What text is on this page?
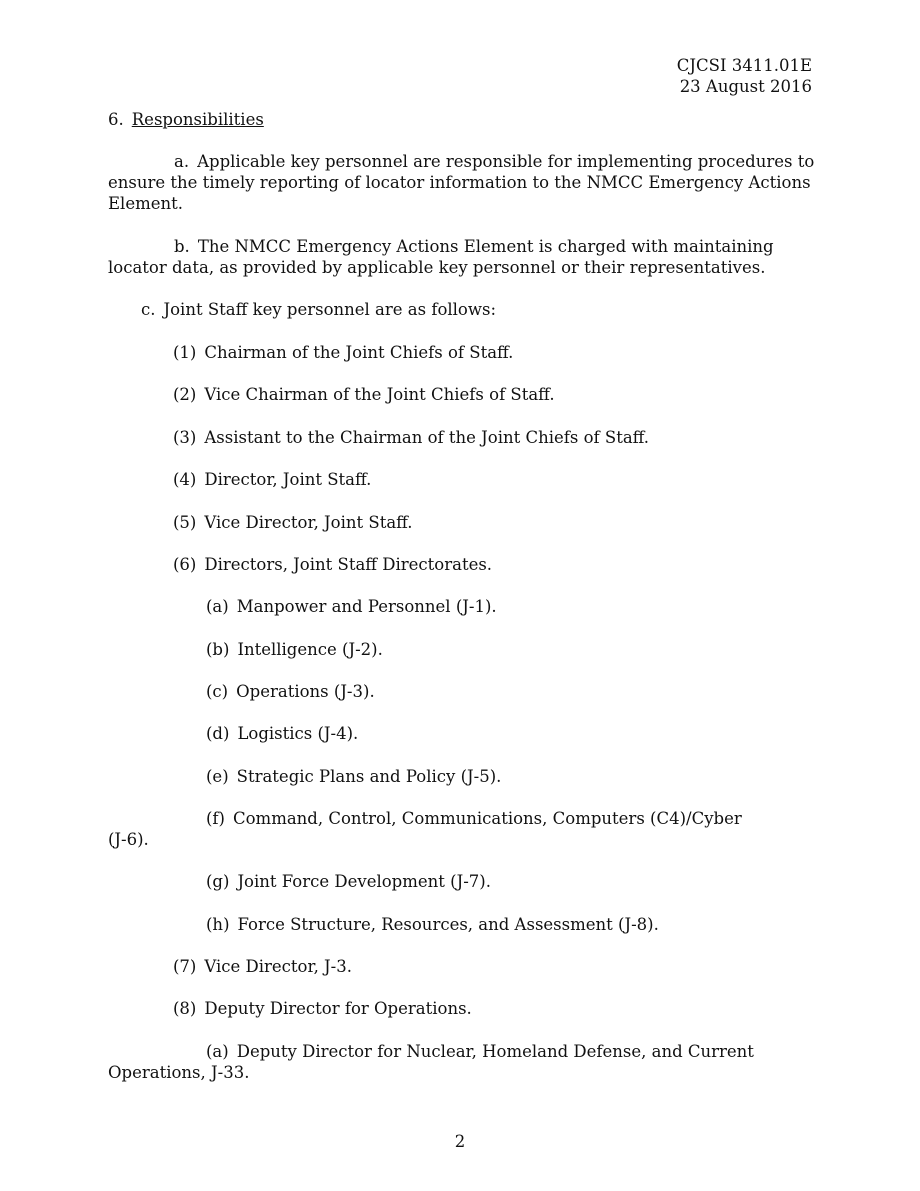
CJCSI 3411.01E
23 August 2016
6. Responsibilities
a. Applicable key personnel are responsible for implementing procedures to ensure the timely reporting of locator information to the NMCC Emergency Actions Element.
b. The NMCC Emergency Actions Element is charged with maintaining locator data, as provided by applicable key personnel or their representatives.
c. Joint Staff key personnel are as follows:
(1) Chairman of the Joint Chiefs of Staff.
(2) Vice Chairman of the Joint Chiefs of Staff.
(3) Assistant to the Chairman of the Joint Chiefs of Staff.
(4) Director, Joint Staff.
(5) Vice Director, Joint Staff.
(6) Directors, Joint Staff Directorates.
(a) Manpower and Personnel (J-1).
(b) Intelligence (J-2).
(c) Operations (J-3).
(d) Logistics (J-4).
(e) Strategic Plans and Policy (J-5).
(f) Command, Control, Communications, Computers (C4)/Cyber
(J-6).
(g) Joint Force Development (J-7).
(h) Force Structure, Resources, and Assessment (J-8).
(7) Vice Director, J-3.
(8) Deputy Director for Operations.
(a) Deputy Director for Nuclear, Homeland Defense, and Current
Operations, J-33.
2
